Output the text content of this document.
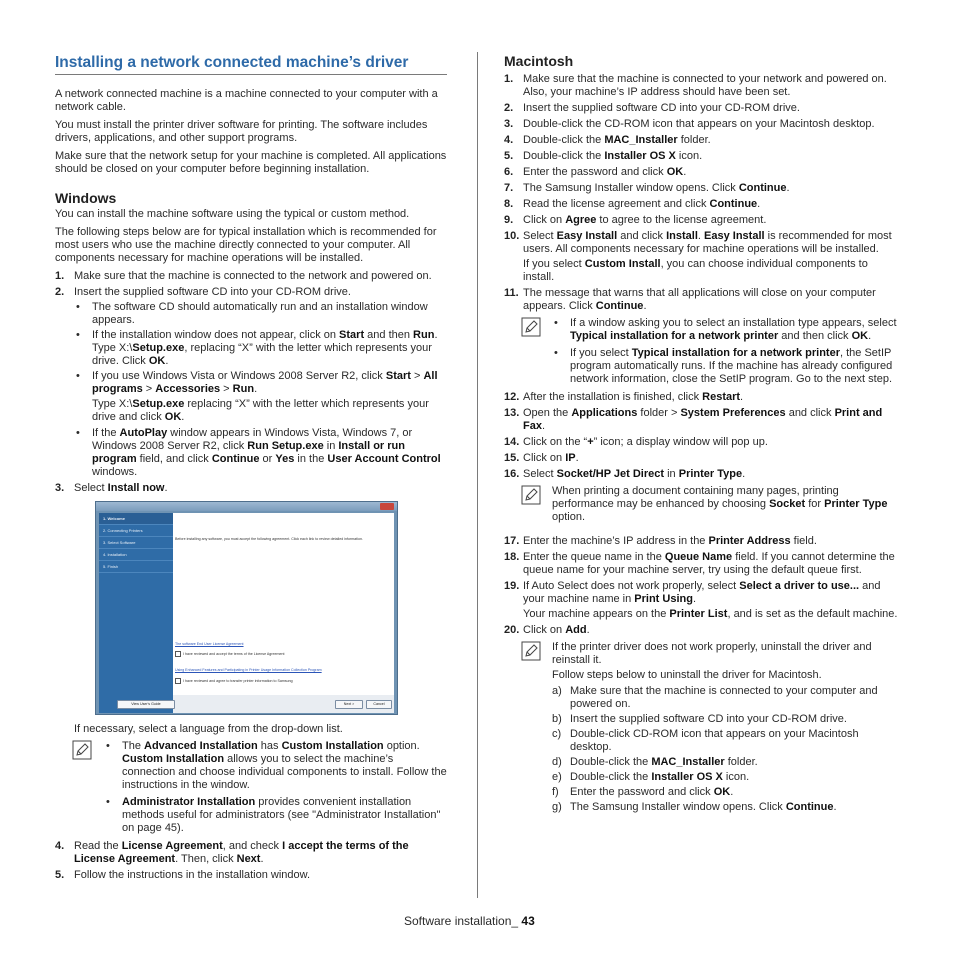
Installing a network connected machine’s driver

A network connected machine is a machine connected to your computer with a network cable.

You must install the printer driver software for printing. The software includes drivers, applications, and other support programs.

Make sure that the network setup for your machine is completed. All applications should be closed on your computer before beginning installation.

Windows

You can install the machine software using the typical or custom method.

The following steps below are for typical installation which is recommended for most users who use the machine directly connected to your computer. All components necessary for machine operations will be installed.

1. Make sure that the machine is connected to the network and powered on.
2. Insert the supplied software CD into your CD-ROM drive.
• The software CD should automatically run and an installation window appears.
• If the installation window does not appear, click on Start and then Run. Type X:\Setup.exe, replacing “X” with the letter which represents your drive. Click OK.
• If you use Windows Vista or Windows 2008 Server R2, click Start > All programs > Accessories > Run.
Type X:\Setup.exe replacing “X” with the letter which represents your drive and click OK.
• If the AutoPlay window appears in Windows Vista, Windows 7, or Windows 2008 Server R2, click Run Setup.exe in Install or run program field, and click Continue or Yes in the User Account Control windows.
3. Select Install now.
1. Welcome
2. Connecting Printers
3. Select Software
4. Installation
5. Finish
Before installing any software, you must accept the following agreement. Click each link to review detailed information.
The software End User License Agreement
I have reviewed and accept the terms of the License Agreement
Using Enhanced Features and Participating in Printer Usage Information Collection Program
I have reviewed and agree to transfer printer information to Samsung
View User's Guide	Next >	Cancel

If necessary, select a language from the drop-down list.

• The Advanced Installation has Custom Installation option. Custom Installation allows you to select the machine’s connection and choose individual components to install. Follow the instructions in the window.
• Administrator Installation provides convenient installation methods useful for administrators (see "Administrator Installation" on page 45).
4. Read the License Agreement, and check I accept the terms of the License Agreement. Then, click Next.
5. Follow the instructions in the installation window.
Macintosh
1. Make sure that the machine is connected to your network and powered on. Also, your machine’s IP address should have been set.
2. Insert the supplied software CD into your CD-ROM drive.
3. Double-click the CD-ROM icon that appears on your Macintosh desktop.
4. Double-click the MAC_Installer folder.
5. Double-click the Installer OS X icon.
6. Enter the password and click OK.
7. The Samsung Installer window opens. Click Continue.
8. Read the license agreement and click Continue.
9. Click on Agree to agree to the license agreement.
10. Select Easy Install and click Install. Easy Install is recommended for most users. All components necessary for machine operations will be installed.
If you select Custom Install, you can choose individual components to install.
11. The message that warns that all applications will close on your computer appears. Click Continue.
• If a window asking you to select an installation type appears, select Typical installation for a network printer and then click OK.
• If you select Typical installation for a network printer, the SetIP program automatically runs. If the machine has already configured network information, close the SetIP program. Go to the next step.
12. After the installation is finished, click Restart.
13. Open the Applications folder > System Preferences and click Print and Fax.
14. Click on the “+” icon; a display window will pop up.
15. Click on IP.
16. Select Socket/HP Jet Direct in Printer Type.
When printing a document containing many pages, printing performance may be enhanced by choosing Socket for Printer Type option.
17. Enter the machine’s IP address in the Printer Address field.
18. Enter the queue name in the Queue Name field. If you cannot determine the queue name for your machine server, try using the default queue first.
19. If Auto Select does not work properly, select Select a driver to use... and your machine name in Print Using.
Your machine appears on the Printer List, and is set as the default machine.
20. Click on Add.

If the printer driver does not work properly, uninstall the driver and reinstall it.

Follow steps below to uninstall the driver for Macintosh.

a) Make sure that the machine is connected to your computer and powered on.
b) Insert the supplied software CD into your CD-ROM drive.
c) Double-click CD-ROM icon that appears on your Macintosh desktop.
d) Double-click the MAC_Installer folder.
e) Double-click the Installer OS X icon.
f) Enter the password and click OK.
g) The Samsung Installer window opens. Click Continue.
Software installation_ 43
